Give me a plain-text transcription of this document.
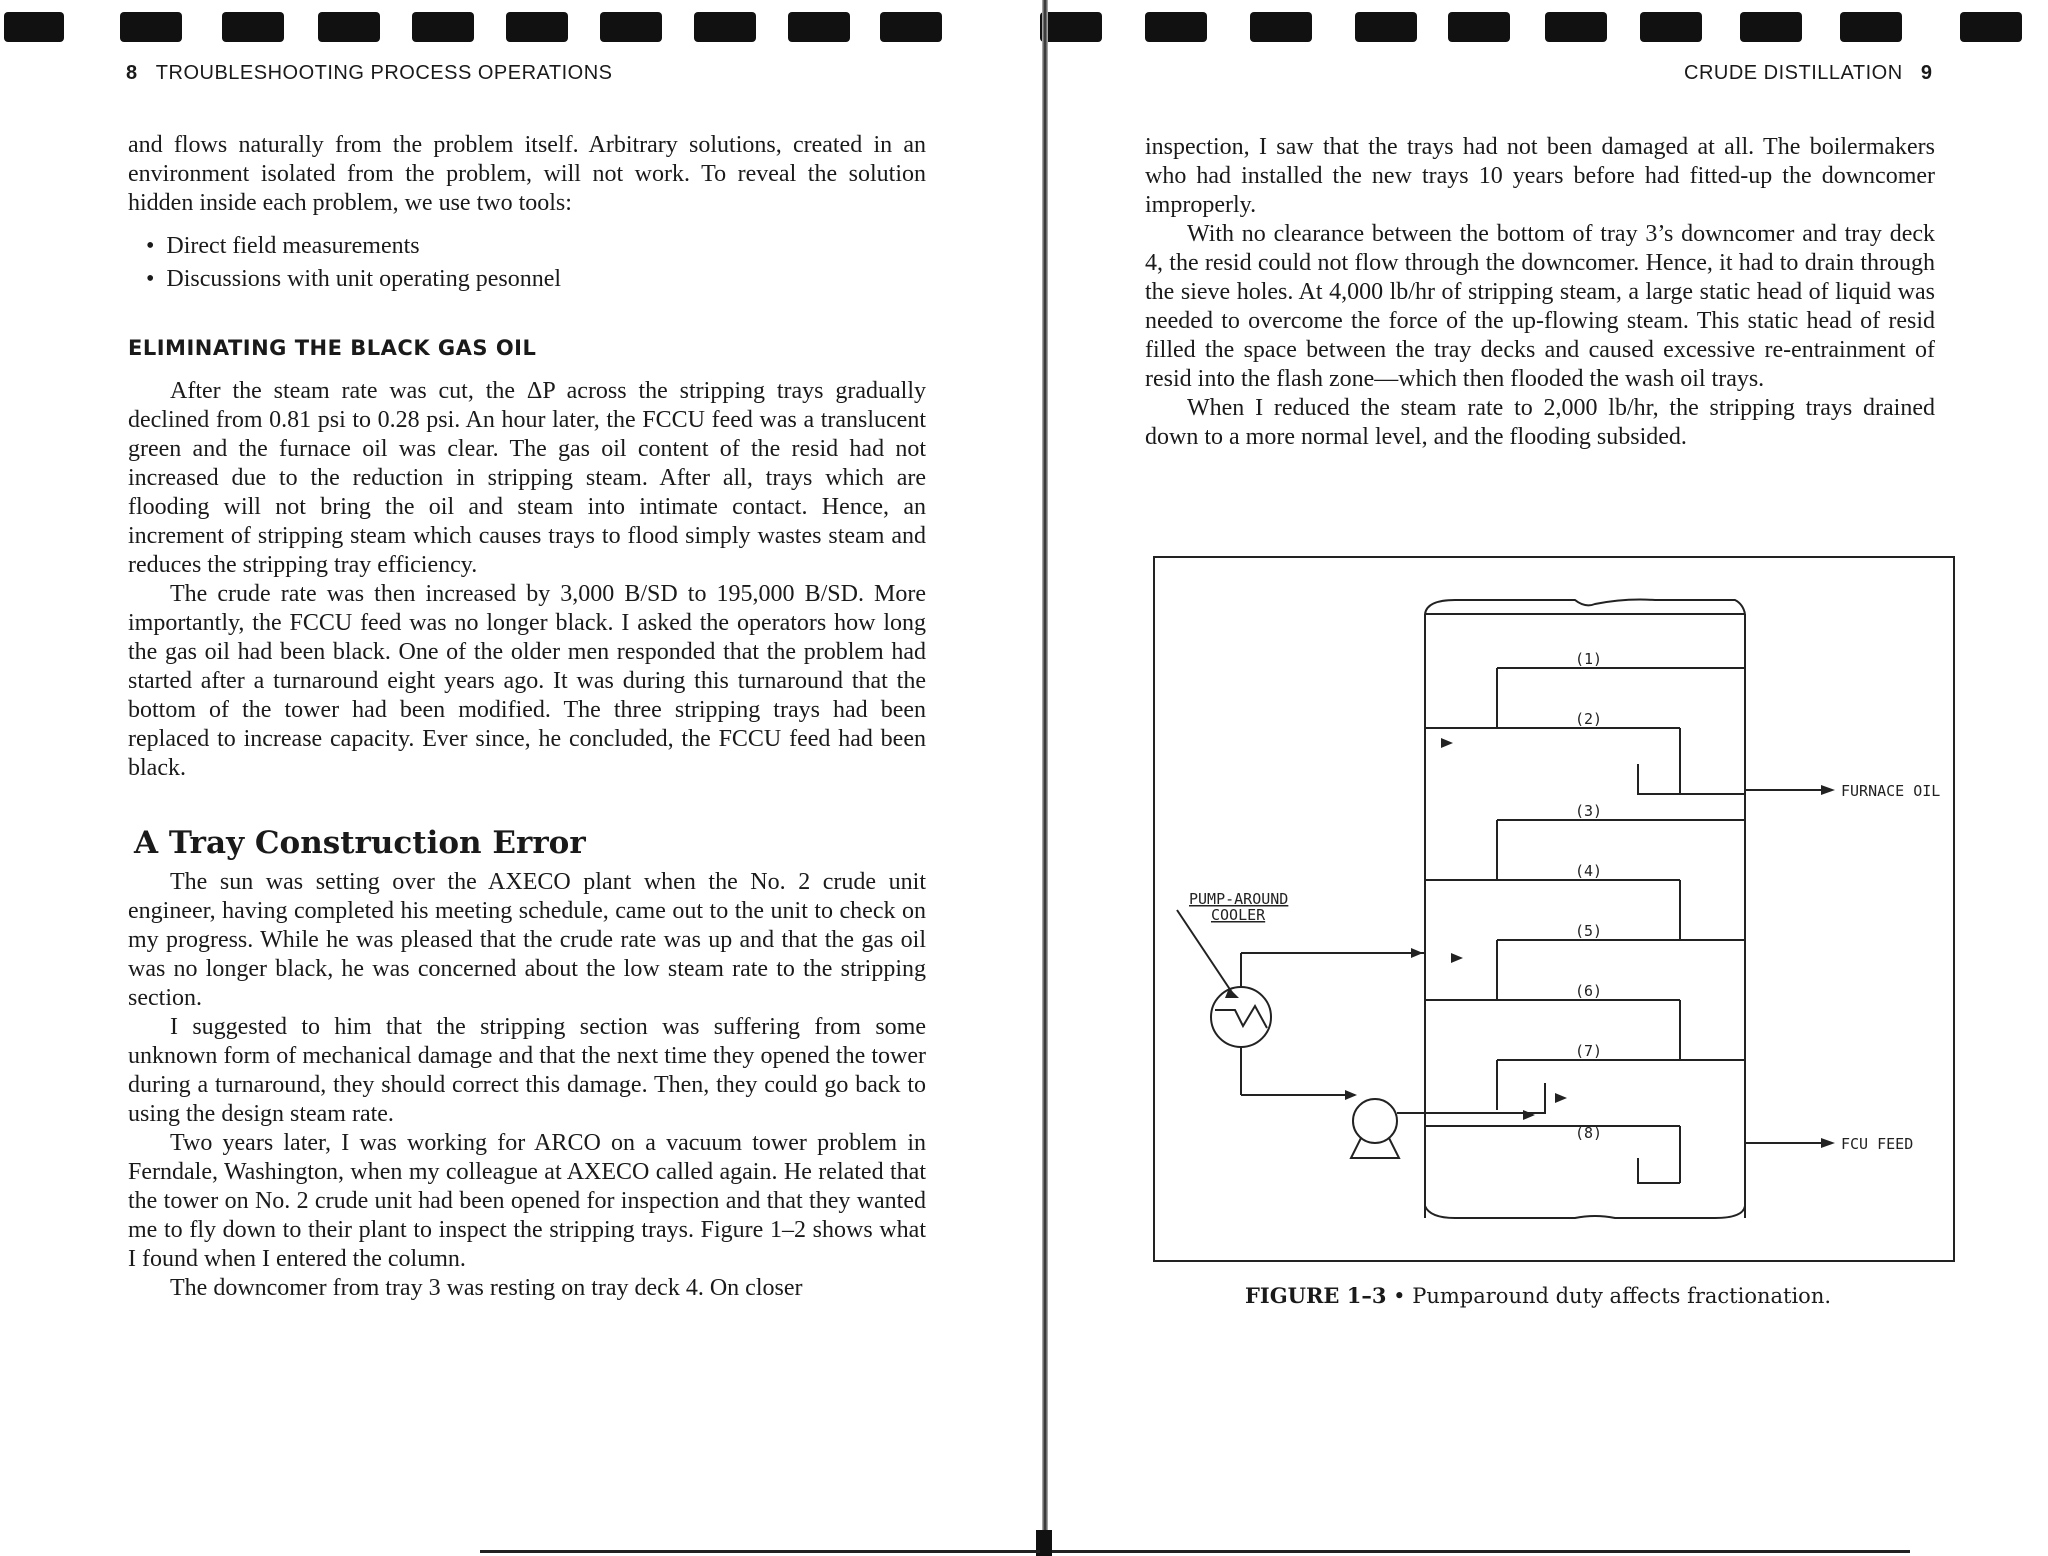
8 TROUBLESHOOTING PROCESS OPERATIONS	CRUDE DISTILLATION 9

and flows naturally from the problem itself. Arbitrary solutions, created in an environment isolated from the problem, will not work. To reveal the solution hidden inside each problem, we use two tools:

• Direct field measurements
• Discussions with unit operating pesonnel
ELIMINATING THE BLACK GAS OIL

After the steam rate was cut, the ΔP across the stripping trays gradually declined from 0.81 psi to 0.28 psi. An hour later, the FCCU feed was a translucent green and the furnace oil was clear. The gas oil content of the resid had not increased due to the reduction in stripping steam. After all, trays which are flooding will not bring the oil and steam into intimate contact. Hence, an increment of stripping steam which causes trays to flood simply wastes steam and reduces the stripping tray efficiency.

The crude rate was then increased by 3,000 B/SD to 195,000 B/SD. More importantly, the FCCU feed was no longer black. I asked the operators how long the gas oil had been black. One of the older men responded that the problem had started after a turnaround eight years ago. It was during this turnaround that the bottom of the tower had been modified. The three stripping trays had been replaced to increase capacity. Ever since, he concluded, the FCCU feed had been black.

A Tray Construction Error

The sun was setting over the AXECO plant when the No. 2 crude unit engineer, having completed his meeting schedule, came out to the unit to check on my progress. While he was pleased that the crude rate was up and that the gas oil was no longer black, he was concerned about the low steam rate to the stripping section.

I suggested to him that the stripping section was suffering from some unknown form of mechanical damage and that the next time they opened the tower during a turnaround, they should correct this damage. Then, they could go back to using the design steam rate.

Two years later, I was working for ARCO on a vacuum tower problem in Ferndale, Washington, when my colleague at AXECO called again. He related that the tower on No. 2 crude unit had been opened for inspection and that they wanted me to fly down to their plant to inspect the stripping trays. Figure 1–2 shows what I found when I entered the column.

The downcomer from tray 3 was resting on tray deck 4. On closer

inspection, I saw that the trays had not been damaged at all. The boilermakers who had installed the new trays 10 years before had fitted-up the downcomer improperly.

With no clearance between the bottom of tray 3’s downcomer and tray deck 4, the resid could not flow through the downcomer. Hence, it had to drain through the sieve holes. At 4,000 lb/hr of stripping steam, a large static head of liquid was needed to overcome the force of the up-flowing steam. This static head of resid filled the space between the tray decks and caused excessive re-entrainment of resid into the flash zone—which then flooded the wash oil trays.

When I reduced the steam rate to 2,000 lb/hr, the stripping trays drained down to a more normal level, and the flooding subsided.

(1)
(2)
(3)
(4)
(5)
(6)
(7)
(8)
FURNACE OIL
FCU FEED
PUMP-AROUND
COOLER
FIGURE 1–3 • Pumparound duty affects fractionation.
